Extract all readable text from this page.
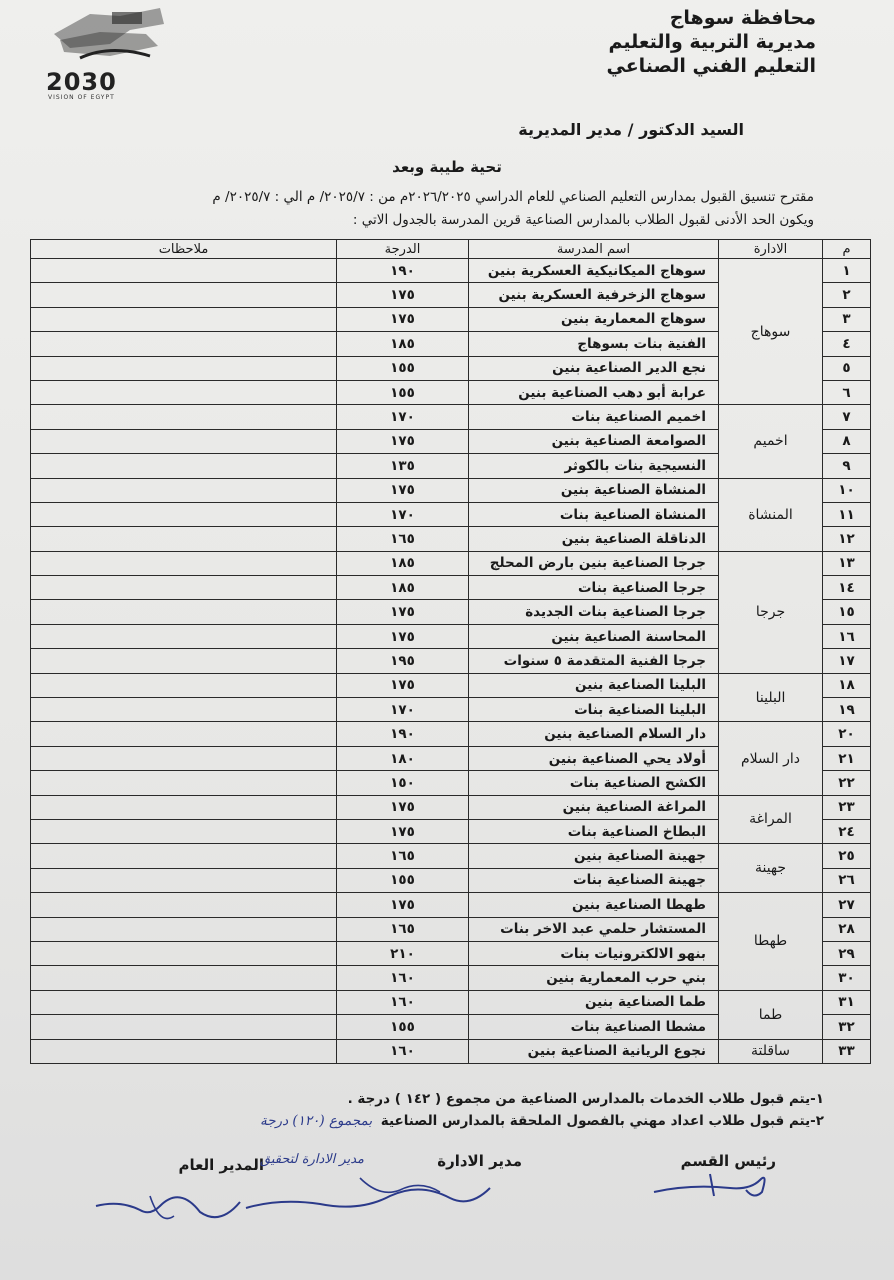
2030
VISION OF EGYPT
محافظة سوهاج
مديرية التربية والتعليم
التعليم الفني الصناعي
السيد الدكتور / مدير المديرية
تحية طيبة وبعد
مقترح تنسيق القبول بمدارس التعليم الصناعي للعام الدراسي ٢٠٢٦/٢٠٢٥م من : ٢٠٢٥/٧/ م الي : ٢٠٢٥/٧/ م
ويكون الحد الأدنى لقبول الطلاب بالمدارس الصناعية قرين المدرسة بالجدول الاتي :
م	الادارة	اسم المدرسة	الدرجة	ملاحظات
١	سوهاج	سوهاج الميكانيكية العسكرية بنين	١٩٠	
٢		سوهاج الزخرفية العسكرية بنين	١٧٥	
٣		سوهاج المعمارية بنين	١٧٥	
٤		الفنية بنات بسوهاج	١٨٥	
٥		نجع الدير الصناعية بنين	١٥٥	
٦		عرابة أبو دهب الصناعية بنين	١٥٥	
٧	اخميم	اخميم الصناعية بنات	١٧٠	
٨		الصوامعة الصناعية بنين	١٧٥	
٩		النسيجية بنات بالكوثر	١٣٥	
١٠	المنشاة	المنشاة الصناعية بنين	١٧٥	
١١		المنشاة الصناعية بنات	١٧٠	
١٢		الدناقلة الصناعية بنين	١٦٥	
١٣	جرجا	جرجا الصناعية بنين بارض المحلج	١٨٥	
١٤		جرجا الصناعية بنات	١٨٥	
١٥		جرجا الصناعية بنات الجديدة	١٧٥	
١٦		المحاسنة الصناعية بنين	١٧٥	
١٧		جرجا الفنية المتقدمة ٥ سنوات	١٩٥	
١٨	البلينا	البلينا الصناعية بنين	١٧٥	
١٩		البلينا الصناعية بنات	١٧٠	
٢٠	دار السلام	دار السلام الصناعية بنين	١٩٠	
٢١		أولاد يحي الصناعية بنين	١٨٠	
٢٢		الكشح الصناعية بنات	١٥٠	
٢٣	المراغة	المراغة الصناعية بنين	١٧٥	
٢٤		البطاخ الصناعية بنات	١٧٥	
٢٥	جهينة	جهينة الصناعية بنين	١٦٥	
٢٦		جهينة الصناعية بنات	١٥٥	
٢٧	طهطا	طهطا الصناعية بنين	١٧٥	
٢٨		المستشار حلمي عبد الاخر بنات	١٦٥	
٢٩		بنهو الالكترونيات بنات	٢١٠	
٣٠		بني حرب المعمارية بنين	١٦٠	
٣١	طما	طما الصناعية بنين	١٦٠	
٣٢		مشطا الصناعية بنات	١٥٥	
٣٣	ساقلتة	نجوع الريانية الصناعية بنين	١٦٠	
١-يتم قبول طلاب الخدمات بالمدارس الصناعية من مجموع ( ١٤٢ ) درجة .
٢-يتم قبول طلاب اعداد مهني بالفصول الملحقة بالمدارس الصناعية بمجموع (١٢٠) درجة
رئيس القسم
مدير الادارة
المدير العام
مدير الادارة لتحقيق
